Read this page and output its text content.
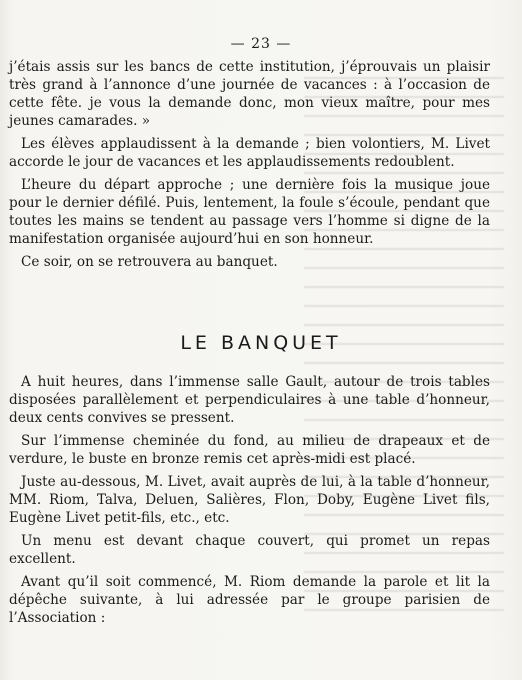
— 23 —

j’étais assis sur les bancs de cette institution, j’éprouvais un plaisir très grand à l’annonce d’une journée de vacances : à l’occasion de cette fête. je vous la demande donc, mon vieux maître, pour mes jeunes camarades. »

Les élèves applaudissent à la demande ; bien volontiers, M. Livet accorde le jour de vacances et les applaudissements redoublent.

L’heure du départ approche ; une dernière fois la musique joue pour le dernier défilé. Puis, lentement, la foule s’écoule, pendant que toutes les mains se tendent au passage vers l’homme si digne de la manifestation organisée aujourd’hui en son honneur.

Ce soir, on se retrouvera au banquet.

LE BANQUET

A huit heures, dans l’immense salle Gault, autour de trois tables disposées parallèlement et perpendiculaires à une table d’honneur, deux cents convives se pressent.

Sur l’immense cheminée du fond, au milieu de drapeaux et de verdure, le buste en bronze remis cet après-midi est placé.

Juste au-dessous, M. Livet, avait auprès de lui, à la table d’honneur, MM. Riom, Talva, Deluen, Salières, Flon, Doby, Eugène Livet fils, Eugène Livet petit-fils, etc., etc.

Un menu est devant chaque couvert, qui promet un repas excellent.

Avant qu’il soit commencé, M. Riom demande la parole et lit la dépêche suivante, à lui adressée par le groupe parisien de l’Association :
